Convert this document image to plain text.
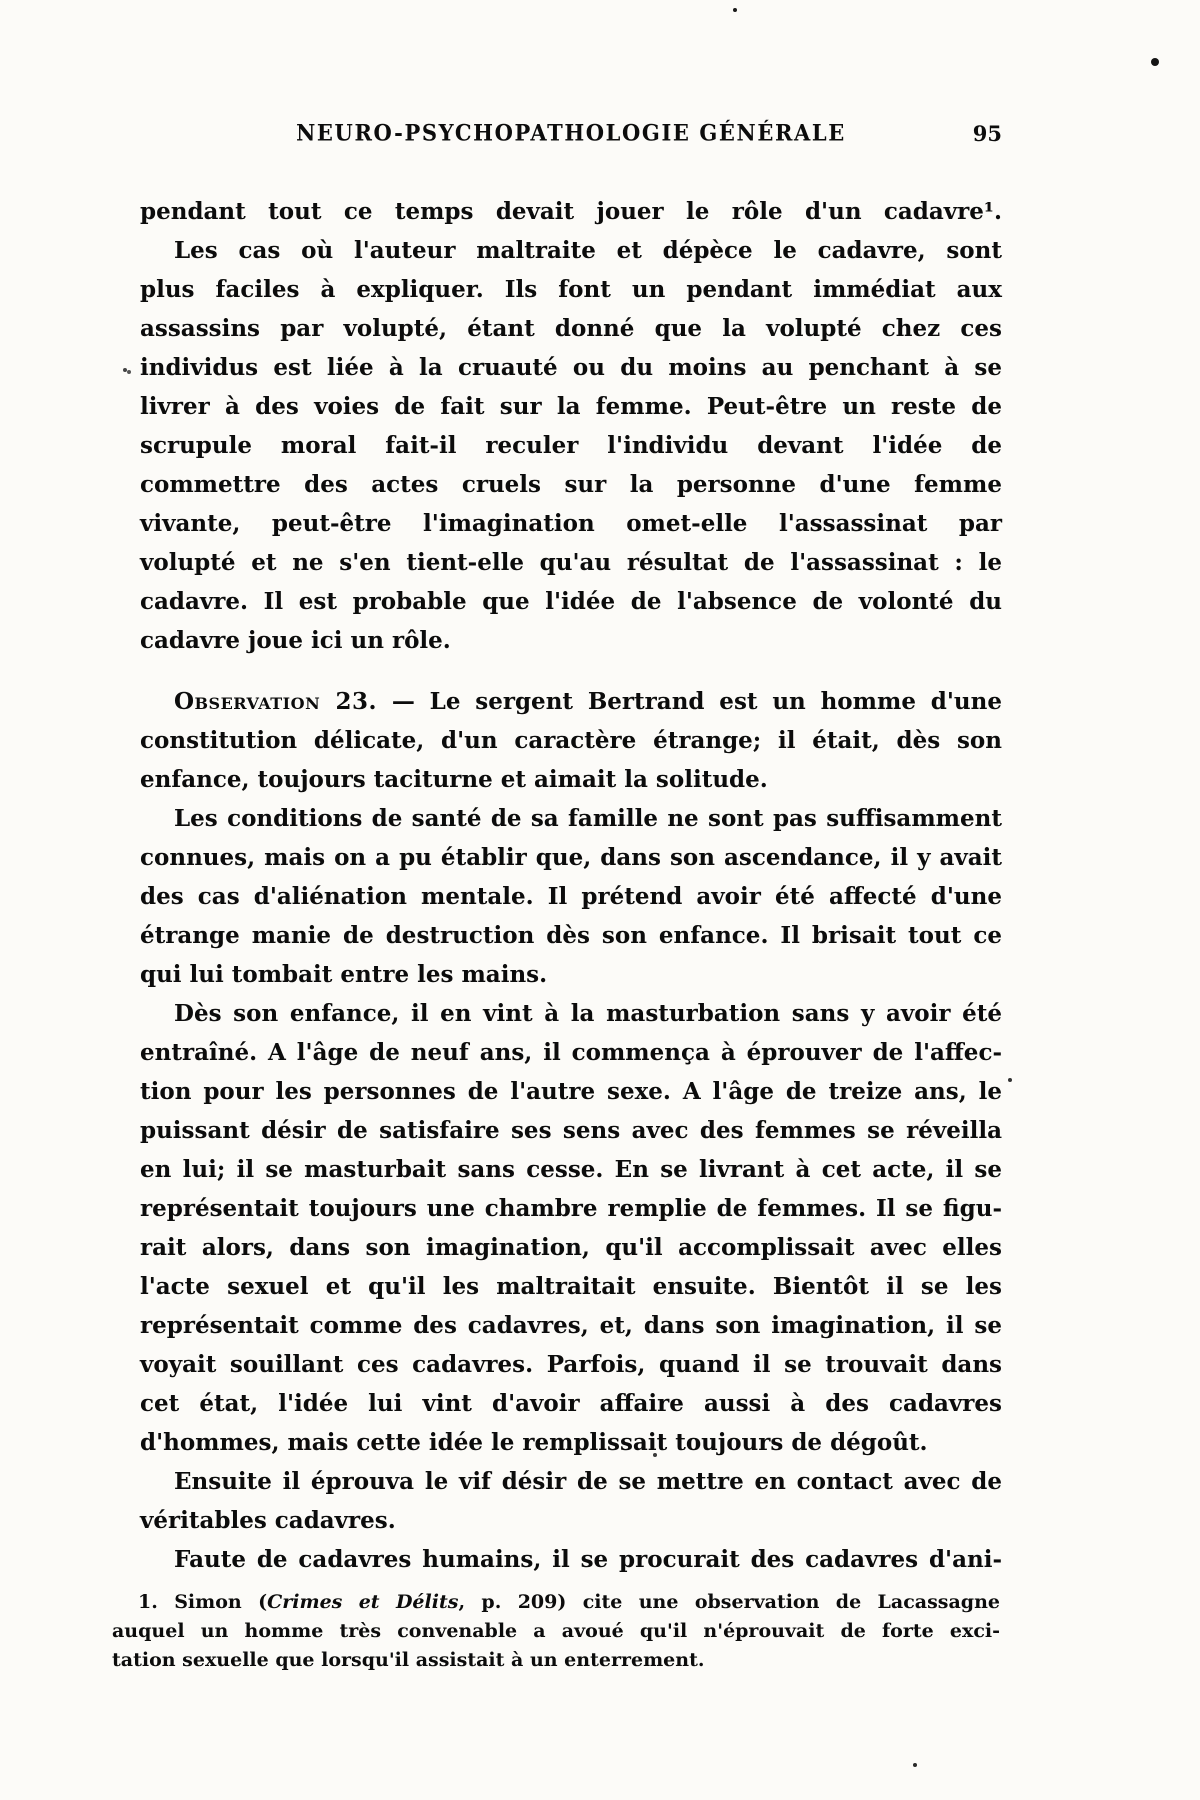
NEURO-PSYCHOPATHOLOGIE GÉNÉRALE	95
pendant tout ce temps devait jouer le rôle d'un cadavre¹.
Les cas où l'auteur maltraite et dépèce le cadavre, sont
plus faciles à expliquer. Ils font un pendant immédiat aux
assassins par volupté, étant donné que la volupté chez ces
individus est liée à la cruauté ou du moins au penchant à se
livrer à des voies de fait sur la femme. Peut-être un reste de
scrupule moral fait-il reculer l'individu devant l'idée de
commettre des actes cruels sur la personne d'une femme
vivante, peut-être l'imagination omet-elle l'assassinat par
volupté et ne s'en tient-elle qu'au résultat de l'assassinat : le
cadavre. Il est probable que l'idée de l'absence de volonté du
cadavre joue ici un rôle.
Observation 23. — Le sergent Bertrand est un homme d'une
constitution délicate, d'un caractère étrange; il était, dès son
enfance, toujours taciturne et aimait la solitude.
Les conditions de santé de sa famille ne sont pas suffisamment
connues, mais on a pu établir que, dans son ascendance, il y avait
des cas d'aliénation mentale. Il prétend avoir été affecté d'une
étrange manie de destruction dès son enfance. Il brisait tout ce
qui lui tombait entre les mains.
Dès son enfance, il en vint à la masturbation sans y avoir été
entraîné. A l'âge de neuf ans, il commença à éprouver de l'affec-
tion pour les personnes de l'autre sexe. A l'âge de treize ans, le
puissant désir de satisfaire ses sens avec des femmes se réveilla
en lui; il se masturbait sans cesse. En se livrant à cet acte, il se
représentait toujours une chambre remplie de femmes. Il se figu-
rait alors, dans son imagination, qu'il accomplissait avec elles
l'acte sexuel et qu'il les maltraitait ensuite. Bientôt il se les
représentait comme des cadavres, et, dans son imagination, il se
voyait souillant ces cadavres. Parfois, quand il se trouvait dans
cet état, l'idée lui vint d'avoir affaire aussi à des cadavres
d'hommes, mais cette idée le remplissait toujours de dégoût.
Ensuite il éprouva le vif désir de se mettre en contact avec de
véritables cadavres.
Faute de cadavres humains, il se procurait des cadavres d'ani-
1. Simon (Crimes et Délits, p. 209) cite une observation de Lacassagne
auquel un homme très convenable a avoué qu'il n'éprouvait de forte exci-
tation sexuelle que lorsqu'il assistait à un enterrement.
